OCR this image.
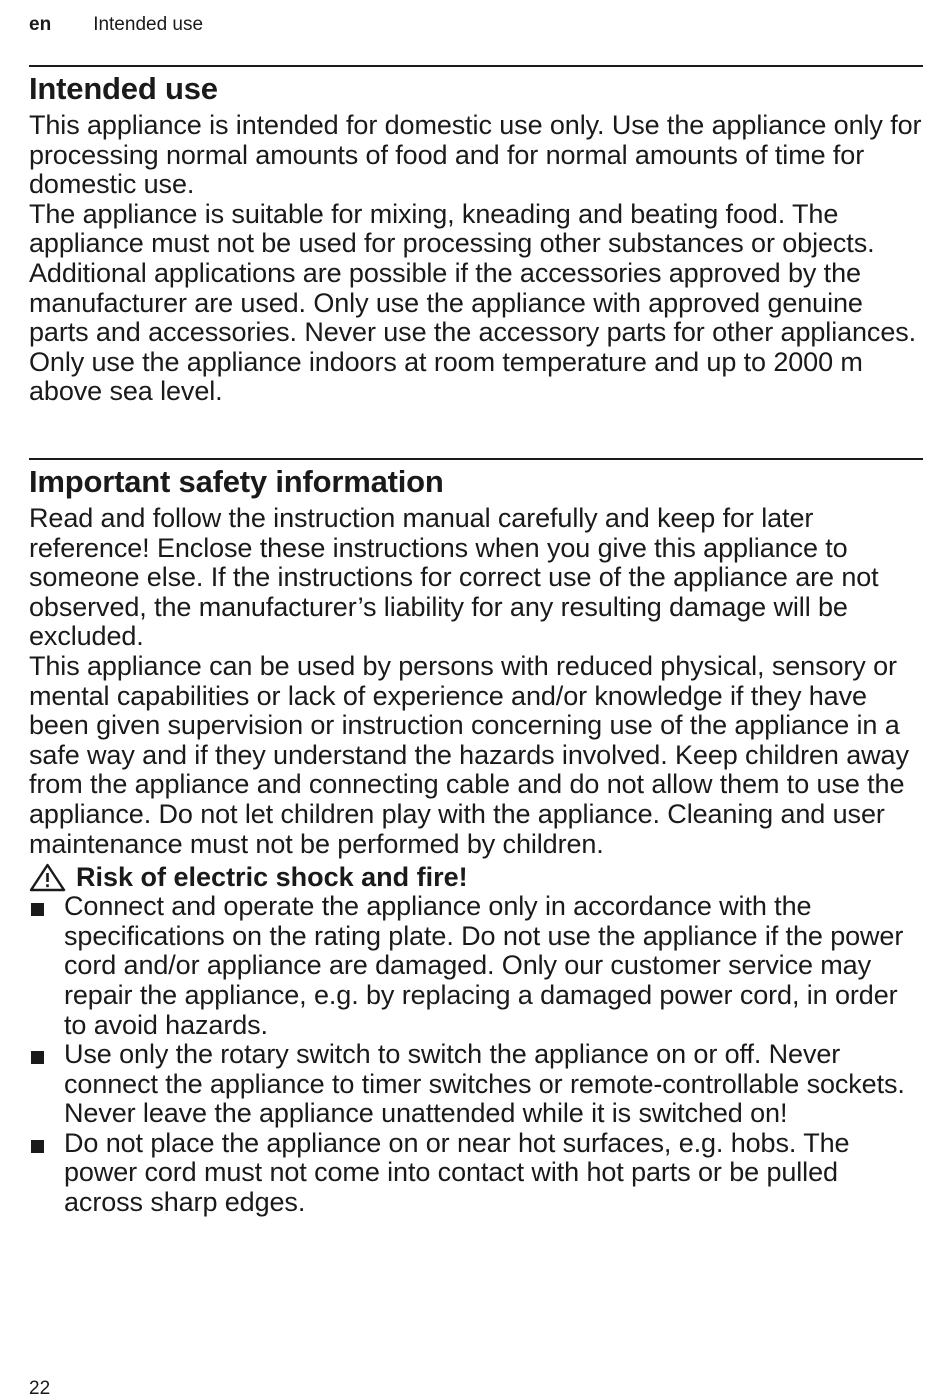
en Intended use
Intended use

This appliance is intended for domestic use only. Use the appliance only for processing normal amounts of food and for normal amounts of time for domestic use.

The appliance is suitable for mixing, kneading and beating food. The appliance must not be used for processing other substances or objects. Additional applications are possible if the accessories approved by the manufacturer are used. Only use the appliance with approved genuine parts and accessories. Never use the accessory parts for other appliances.

Only use the appliance indoors at room temperature and up to 2000 m above sea level.

Important safety information

Read and follow the instruction manual carefully and keep for later reference! Enclose these instructions when you give this appliance to someone else. If the instructions for correct use of the appliance are not observed, the manufacturer’s liability for any resulting damage will be excluded.

This appliance can be used by persons with reduced physical, sensory or mental capabilities or lack of experience and/or knowledge if they have been given supervision or instruction concerning use of the appliance in a safe way and if they understand the hazards involved. Keep children away from the appliance and connecting cable and do not allow them to use the appliance. Do not let children play with the appliance. Cleaning and user maintenance must not be performed by children.

Risk of electric shock and fire!
Connect and operate the appliance only in accordance with the specifications on the rating plate. Do not use the appliance if the power cord and/or appliance are damaged. Only our customer service may repair the appliance, e.g. by replacing a damaged power cord, in order to avoid hazards.
Use only the rotary switch to switch the appliance on or off. Never connect the appliance to timer switches or remote-controllable sockets. Never leave the appliance unattended while it is switched on!
Do not place the appliance on or near hot surfaces, e.g. hobs. The power cord must not come into contact with hot parts or be pulled across sharp edges.
22
